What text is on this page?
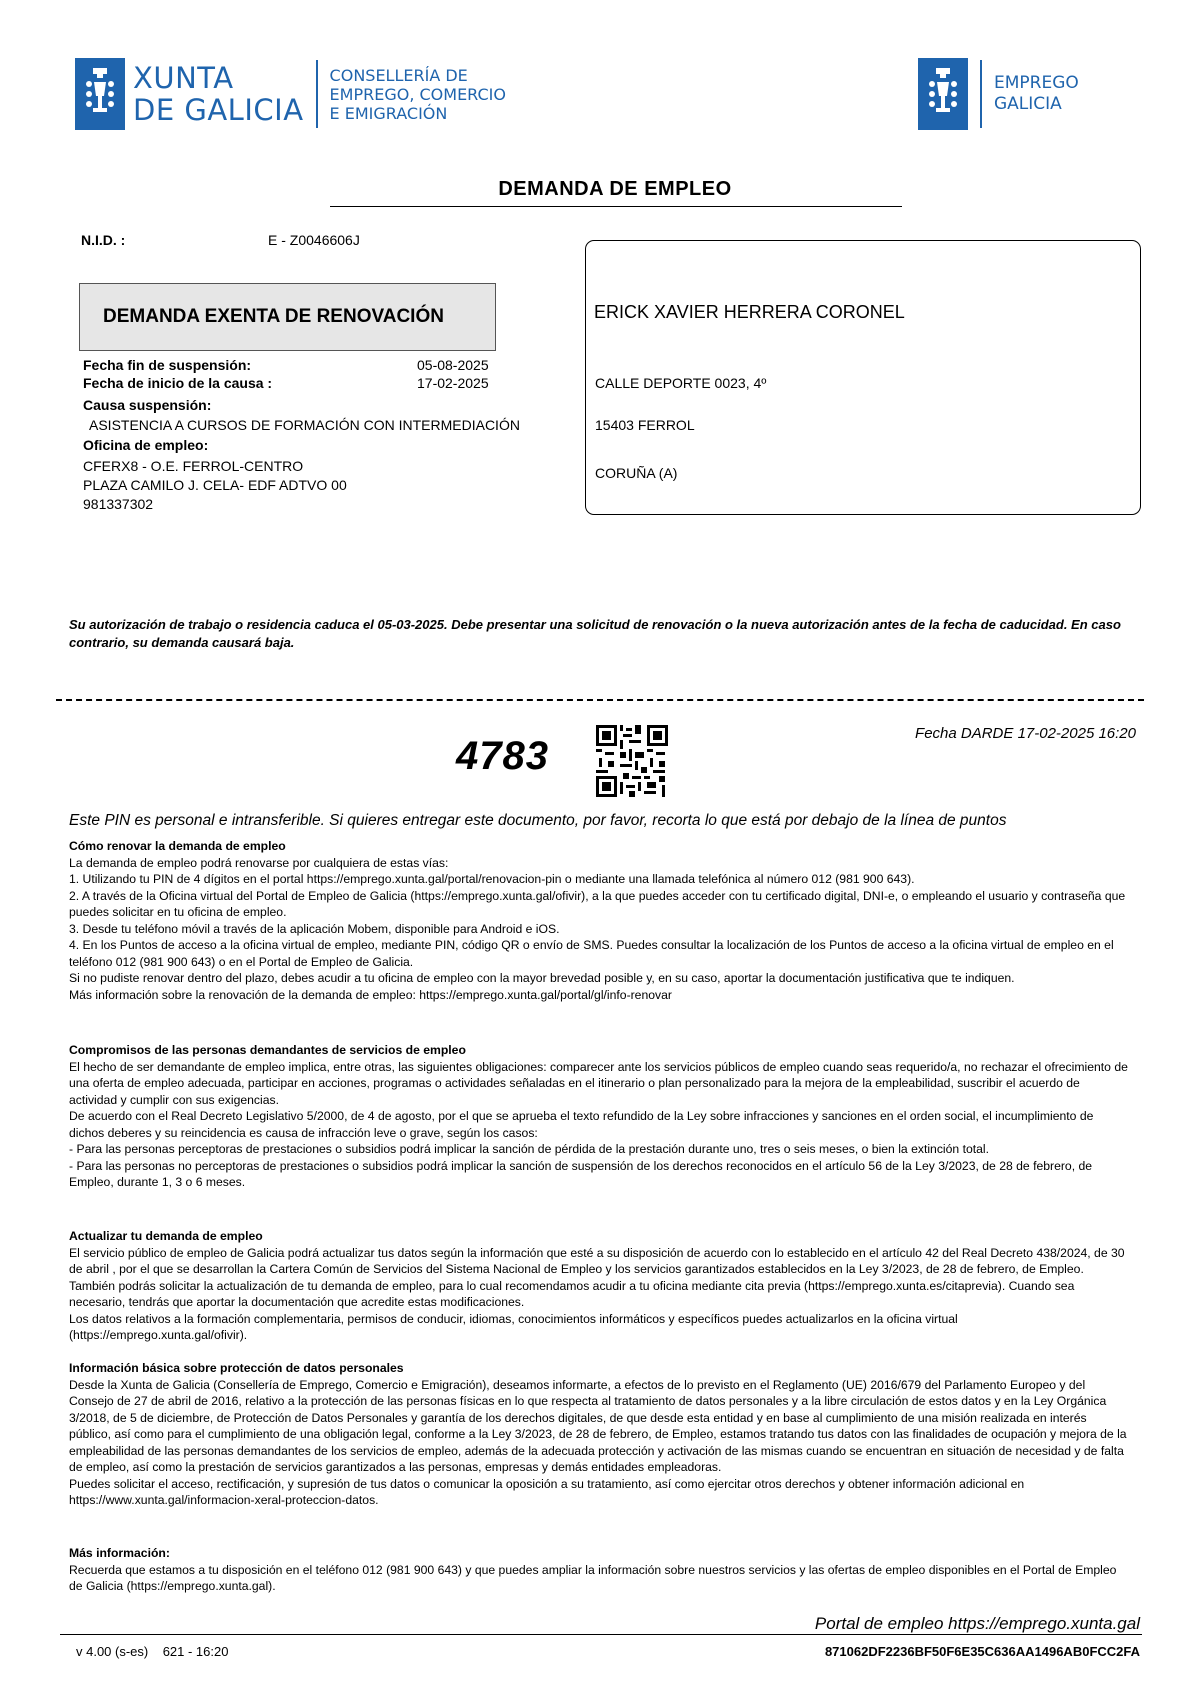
XUNTA
DE GALICIA
CONSELLERÍA DE
EMPREGO, COMERCIO
E EMIGRACIÓN
EMPREGO
GALICIA
DEMANDA DE EMPLEO
N.I.D. :	E - Z0046606J
DEMANDA EXENTA DE RENOVACIÓN
Fecha fin de suspensión:	05-08-2025
Fecha de inicio de la causa :	17-02-2025
Causa suspensión:
ASISTENCIA A CURSOS DE FORMACIÓN CON INTERMEDIACIÓN
Oficina de empleo:
CFERX8 - O.E. FERROL-CENTRO
PLAZA CAMILO J. CELA- EDF ADTVO 00
981337302
ERICK XAVIER HERRERA CORONEL
CALLE DEPORTE 0023, 4º
15403 FERROL
CORUÑA (A)
Su autorización de trabajo o residencia caduca el 05-03-2025. Debe presentar una solicitud de renovación o la nueva autorización antes de la fecha de caducidad. En caso contrario, su demanda causará baja.
4783
Fecha DARDE 17-02-2025 16:20
Este PIN es personal e intransferible. Si quieres entregar este documento, por favor, recorta lo que está por debajo de la línea de puntos
Cómo renovar la demanda de empleo

La demanda de empleo podrá renovarse por cualquiera de estas vías:

1. Utilizando tu PIN de 4 dígitos en el portal https://emprego.xunta.gal/portal/renovacion-pin o mediante una llamada telefónica al número 012 (981 900 643).

2. A través de la Oficina virtual del Portal de Empleo de Galicia (https://emprego.xunta.gal/ofivir), a la que puedes acceder con tu certificado digital, DNI-e, o empleando el usuario y contraseña que puedes solicitar en tu oficina de empleo.

3. Desde tu teléfono móvil a través de la aplicación Mobem, disponible para Android e iOS.

4. En los Puntos de acceso a la oficina virtual de empleo, mediante PIN, código QR o envío de SMS. Puedes consultar la localización de los Puntos de acceso a la oficina virtual de empleo en el teléfono 012 (981 900 643) o en el Portal de Empleo de Galicia.

Si no pudiste renovar dentro del plazo, debes acudir a tu oficina de empleo con la mayor brevedad posible y, en su caso, aportar la documentación justificativa que te indiquen.

Más información sobre la renovación de la demanda de empleo: https://emprego.xunta.gal/portal/gl/info-renovar

Compromisos de las personas demandantes de servicios de empleo

El hecho de ser demandante de empleo implica, entre otras, las siguientes obligaciones: comparecer ante los servicios públicos de empleo cuando seas requerido/a, no rechazar el ofrecimiento de una oferta de empleo adecuada, participar en acciones, programas o actividades señaladas en el itinerario o plan personalizado para la mejora de la empleabilidad, suscribir el acuerdo de actividad y cumplir con sus exigencias.

De acuerdo con el Real Decreto Legislativo 5/2000, de 4 de agosto, por el que se aprueba el texto refundido de la Ley sobre infracciones y sanciones en el orden social, el incumplimiento de dichos deberes y su reincidencia es causa de infracción leve o grave, según los casos:

- Para las personas perceptoras de prestaciones o subsidios podrá implicar la sanción de pérdida de la prestación durante uno, tres o seis meses, o bien la extinción total.

- Para las personas no perceptoras de prestaciones o subsidios podrá implicar la sanción de suspensión de los derechos reconocidos en el artículo 56 de la Ley 3/2023, de 28 de febrero, de Empleo, durante 1, 3 o 6 meses.

Actualizar tu demanda de empleo

El servicio público de empleo de Galicia podrá actualizar tus datos según la información que esté a su disposición de acuerdo con lo establecido en el artículo 42 del Real Decreto 438/2024, de 30 de abril , por el que se desarrollan la Cartera Común de Servicios del Sistema Nacional de Empleo y los servicios garantizados establecidos en la Ley 3/2023, de 28 de febrero, de Empleo. También podrás solicitar la actualización de tu demanda de empleo, para lo cual recomendamos acudir a tu oficina mediante cita previa (https://emprego.xunta.es/citaprevia). Cuando sea necesario, tendrás que aportar la documentación que acredite estas modificaciones.

Los datos relativos a la formación complementaria, permisos de conducir, idiomas, conocimientos informáticos y específicos puedes actualizarlos en la oficina virtual (https://emprego.xunta.gal/ofivir).

Información básica sobre protección de datos personales

Desde la Xunta de Galicia (Consellería de Emprego, Comercio e Emigración), deseamos informarte, a efectos de lo previsto en el Reglamento (UE) 2016/679 del Parlamento Europeo y del Consejo de 27 de abril de 2016, relativo a la protección de las personas físicas en lo que respecta al tratamiento de datos personales y a la libre circulación de estos datos y en la Ley Orgánica 3/2018, de 5 de diciembre, de Protección de Datos Personales y garantía de los derechos digitales, de que desde esta entidad y en base al cumplimiento de una misión realizada en interés público, así como para el cumplimiento de una obligación legal, conforme a la Ley 3/2023, de 28 de febrero, de Empleo, estamos tratando tus datos con las finalidades de ocupación y mejora de la empleabilidad de las personas demandantes de los servicios de empleo, además de la adecuada protección y activación de las mismas cuando se encuentran en situación de necesidad y de falta de empleo, así como la prestación de servicios garantizados a las personas, empresas y demás entidades empleadoras.

Puedes solicitar el acceso, rectificación, y supresión de tus datos o comunicar la oposición a su tratamiento, así como ejercitar otros derechos y obtener información adicional en https://www.xunta.gal/informacion-xeral-proteccion-datos.

Más información:

Recuerda que estamos a tu disposición en el teléfono 012 (981 900 643) y que puedes ampliar la información sobre nuestros servicios y las ofertas de empleo disponibles en el Portal de Empleo de Galicia (https://emprego.xunta.gal).

Portal de empleo https://emprego.xunta.gal
v 4.00 (s-es)    621 - 16:20	871062DF2236BF50F6E35C636AA1496AB0FCC2FA
